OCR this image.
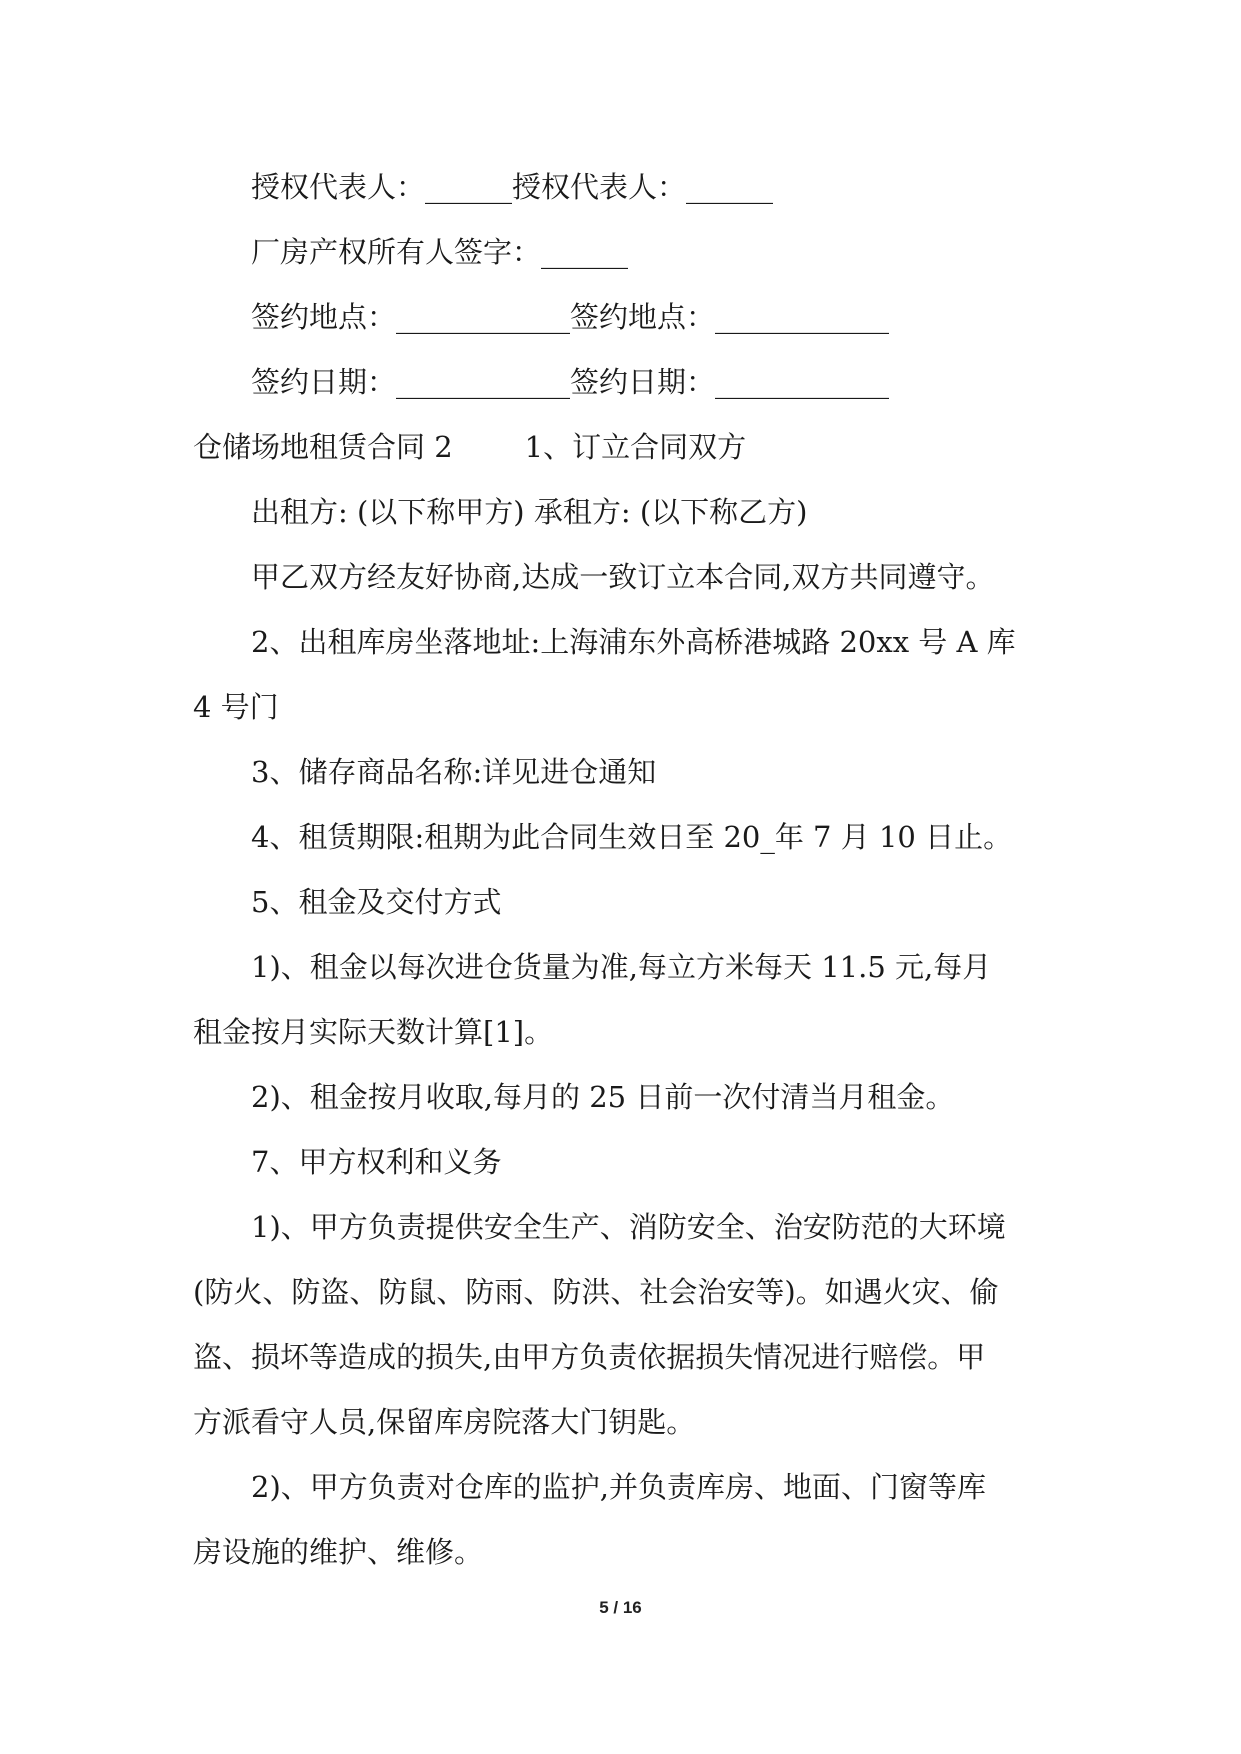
授权代表人：______授权代表人：______

厂房产权所有人签字：______

签约地点：____________签约地点：____________

签约日期：____________签约日期：____________

仓储场地租赁合同 2 1、订立合同双方

出租方: (以下称甲方) 承租方: (以下称乙方)

甲乙双方经友好协商,达成一致订立本合同,双方共同遵守。

2、出租库房坐落地址:上海浦东外高桥港城路 20xx 号 A 库

4 号门

3、储存商品名称:详见进仓通知

4、租赁期限:租期为此合同生效日至 20_年 7 月 10 日止。

5、租金及交付方式

1)、租金以每次进仓货量为准,每立方米每天 11.5 元,每月

租金按月实际天数计算[1]。

2)、租金按月收取,每月的 25 日前一次付清当月租金。

7、甲方权利和义务

1)、甲方负责提供安全生产、消防安全、治安防范的大环境

(防火、防盗、防鼠、防雨、防洪、社会治安等)。如遇火灾、偷

盗、损坏等造成的损失,由甲方负责依据损失情况进行赔偿。甲

方派看守人员,保留库房院落大门钥匙。

2)、甲方负责对仓库的监护,并负责库房、地面、门窗等库

房设施的维护、维修。

5 / 16
